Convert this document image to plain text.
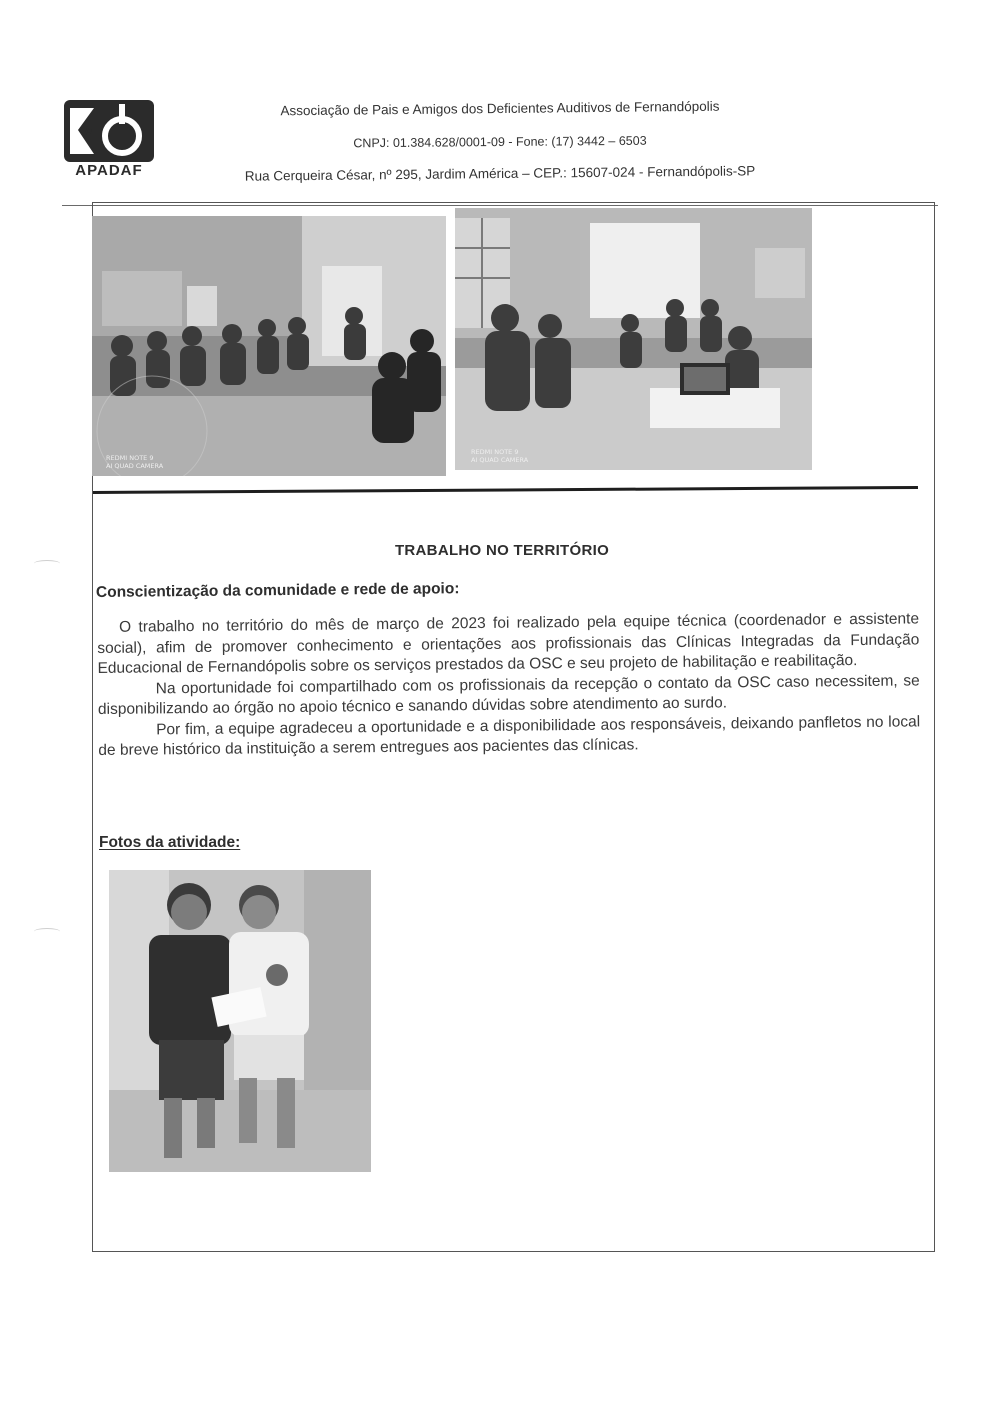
A
APADAF
Associação de Pais e Amigos dos Deficientes Auditivos de Fernandópolis
CNPJ: 01.384.628/0001-09 - Fone: (17) 3442 – 6503
Rua Cerqueira César, nº 295, Jardim América – CEP.: 15607-024 - Fernandópolis-SP
REDMI NOTE 9
AI QUAD CAMERA
REDMI NOTE 9
AI QUAD CAMERA
TRABALHO NO TERRITÓRIO
Conscientização da comunidade e rede de apoio:

O trabalho no território do mês de março de 2023 foi realizado pela equipe técnica (coordenador e assistente social), afim de promover conhecimento e orientações aos profissionais das Clínicas Integradas da Fundação Educacional de Fernandópolis sobre os serviços prestados da OSC e seu projeto de habilitação e reabilitação.

Na oportunidade foi compartilhado com os profissionais da recepção o contato da OSC caso necessitem, se disponibilizando ao órgão no apoio técnico e sanando dúvidas sobre atendimento ao surdo.

Por fim, a equipe agradeceu a oportunidade e a disponibilidade aos responsáveis, deixando panfletos no local de breve histórico da instituição a serem entregues aos pacientes das clínicas.

Fotos da atividade:
